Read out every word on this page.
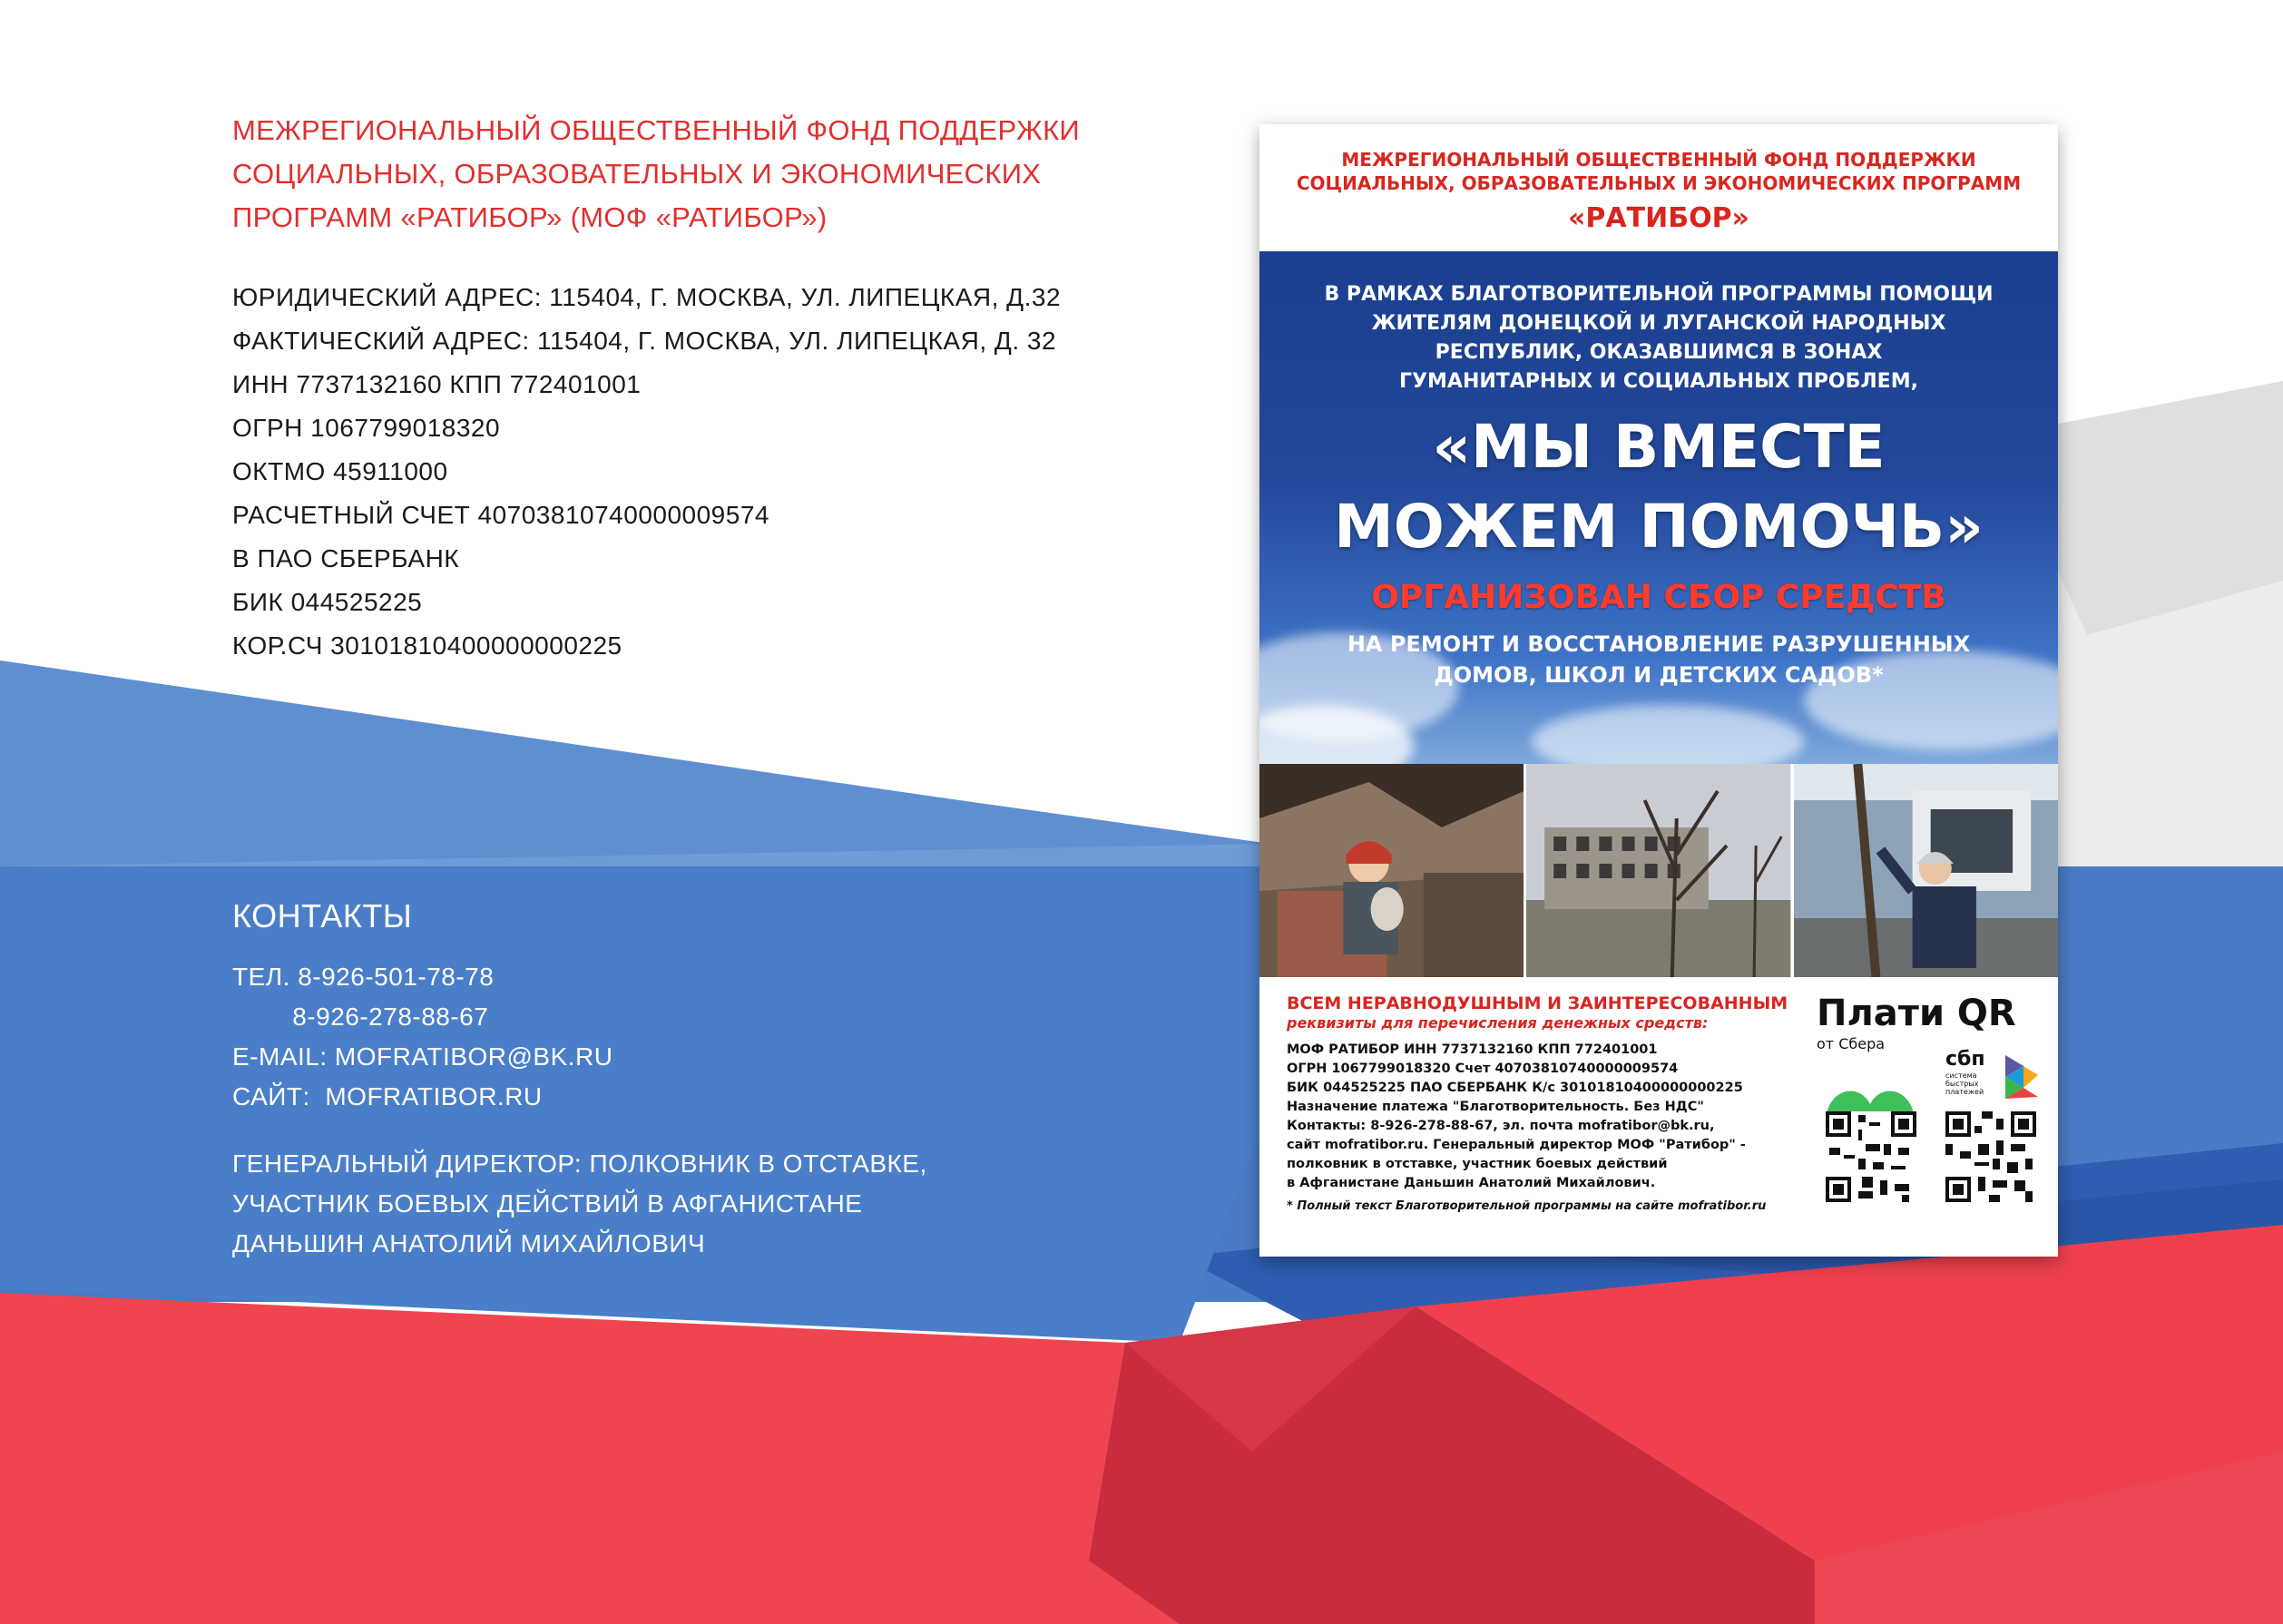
МЕЖРЕГИОНАЛЬНЫЙ ОБЩЕСТВЕННЫЙ ФОНД ПОДДЕРЖКИ
СОЦИАЛЬНЫХ, ОБРАЗОВАТЕЛЬНЫХ И ЭКОНОМИЧЕСКИХ
ПРОГРАММ «РАТИБОР» (МОФ «РАТИБОР»)
ЮРИДИЧЕСКИЙ АДРЕС: 115404, Г. МОСКВА, УЛ. ЛИПЕЦКАЯ, Д.32
ФАКТИЧЕСКИЙ АДРЕС: 115404, Г. МОСКВА, УЛ. ЛИПЕЦКАЯ, Д. 32
ИНН 7737132160 КПП 772401001
ОГРН 1067799018320
ОКТМО 45911000
РАСЧЕТНЫЙ СЧЕТ 40703810740000009574
В ПАО СБЕРБАНК
БИК 044525225
КОР.СЧ 30101810400000000225
КОНТАКТЫ
ТЕЛ. 8-926-501-78-78
8-926-278-88-67
E-MAIL: MOFRATIBOR@BK.RU
САЙТ:  MOFRATIBOR.RU
ГЕНЕРАЛЬНЫЙ ДИРЕКТОР: ПОЛКОВНИК В ОТСТАВКЕ,
УЧАСТНИК БОЕВЫХ ДЕЙСТВИЙ В АФГАНИСТАНЕ
ДАНЬШИН АНАТОЛИЙ МИХАЙЛОВИЧ
МЕЖРЕГИОНАЛЬНЫЙ ОБЩЕСТВЕННЫЙ ФОНД ПОДДЕРЖКИ
СОЦИАЛЬНЫХ, ОБРАЗОВАТЕЛЬНЫХ И ЭКОНОМИЧЕСКИХ ПРОГРАММ
«РАТИБОР»
В РАМКАХ БЛАГОТВОРИТЕЛЬНОЙ ПРОГРАММЫ ПОМОЩИ
ЖИТЕЛЯМ ДОНЕЦКОЙ И ЛУГАНСКОЙ НАРОДНЫХ
РЕСПУБЛИК, ОКАЗАВШИМСЯ В ЗОНАХ
ГУМАНИТАРНЫХ И СОЦИАЛЬНЫХ ПРОБЛЕМ,
«МЫ ВМЕСТЕ
МОЖЕМ ПОМОЧЬ»
ОРГАНИЗОВАН СБОР СРЕДСТВ
НА РЕМОНТ И ВОССТАНОВЛЕНИЕ РАЗРУШЕННЫХ
ДОМОВ, ШКОЛ И ДЕТСКИХ САДОВ*
ВСЕМ НЕРАВНОДУШНЫМ И ЗАИНТЕРЕСОВАННЫМ
реквизиты для перечисления денежных средств:
МОФ РАТИБОР ИНН 7737132160 КПП 772401001
ОГРН 1067799018320 Счет 40703810740000009574
БИК 044525225 ПАО СБЕРБАНК К/с 30101810400000000225
Назначение платежа "Благотворительность. Без НДС"
Контакты: 8-926-278-88-67, эл. почта mofratibor@bk.ru,
сайт mofratibor.ru. Генеральный директор МОФ "Ратибор" -
полковник в отставке, участник боевых действий
в Афганистане Даньшин Анатолий Михайлович.
* Полный текст Благотворительной программы на сайте mofratibor.ru
Плати QR
от Сбера
сбп
система
быстрых
платежей
